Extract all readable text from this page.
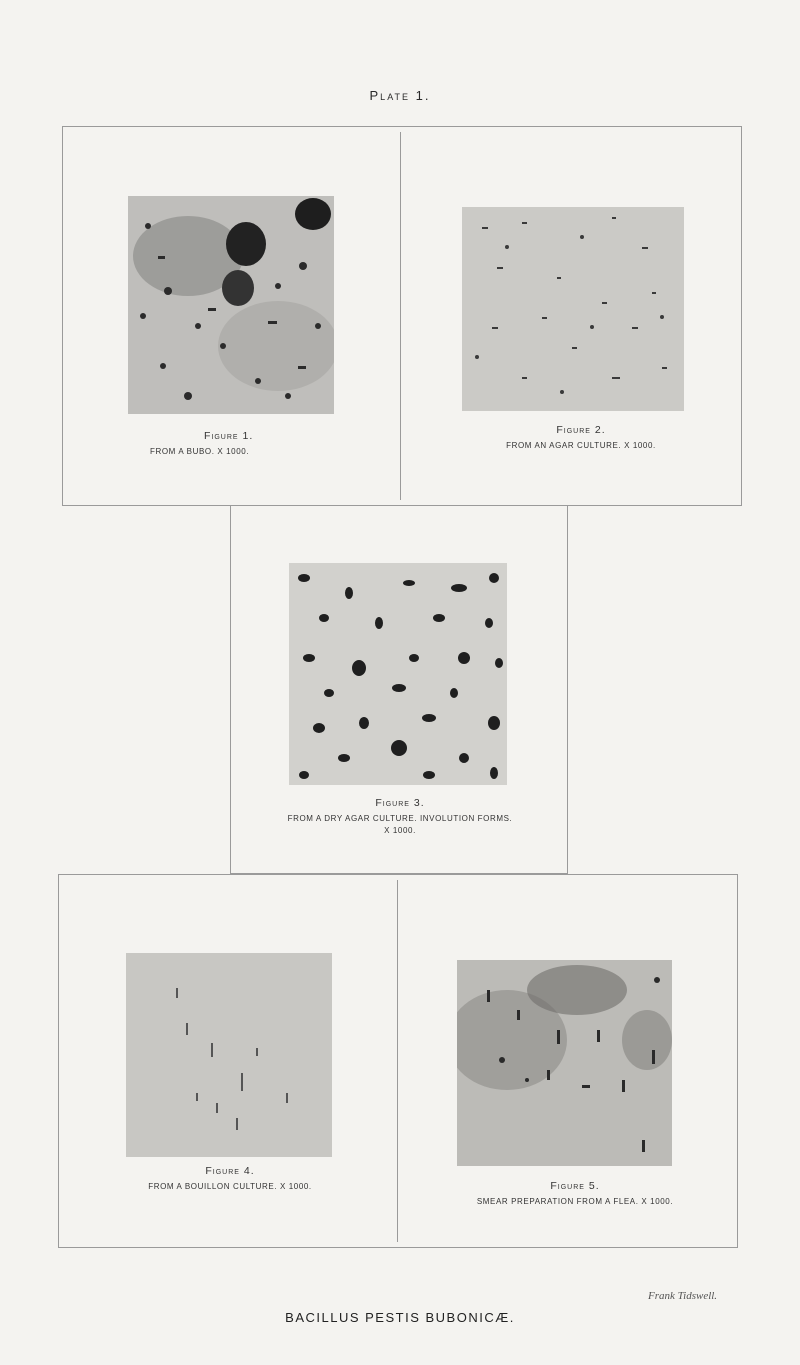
Plate 1.
Figure 1.
FROM A BUBO. X 1000.
Figure 2.
FROM AN AGAR CULTURE. X 1000.
Figure 3.
FROM A DRY AGAR CULTURE. INVOLUTION FORMS.
X 1000.
Figure 4.
FROM A BOUILLON CULTURE. X 1000.	Figure 5.
SMEAR PREPARATION FROM A FLEA. X 1000.
Frank Tidswell.
BACILLUS PESTIS BUBONICÆ.
